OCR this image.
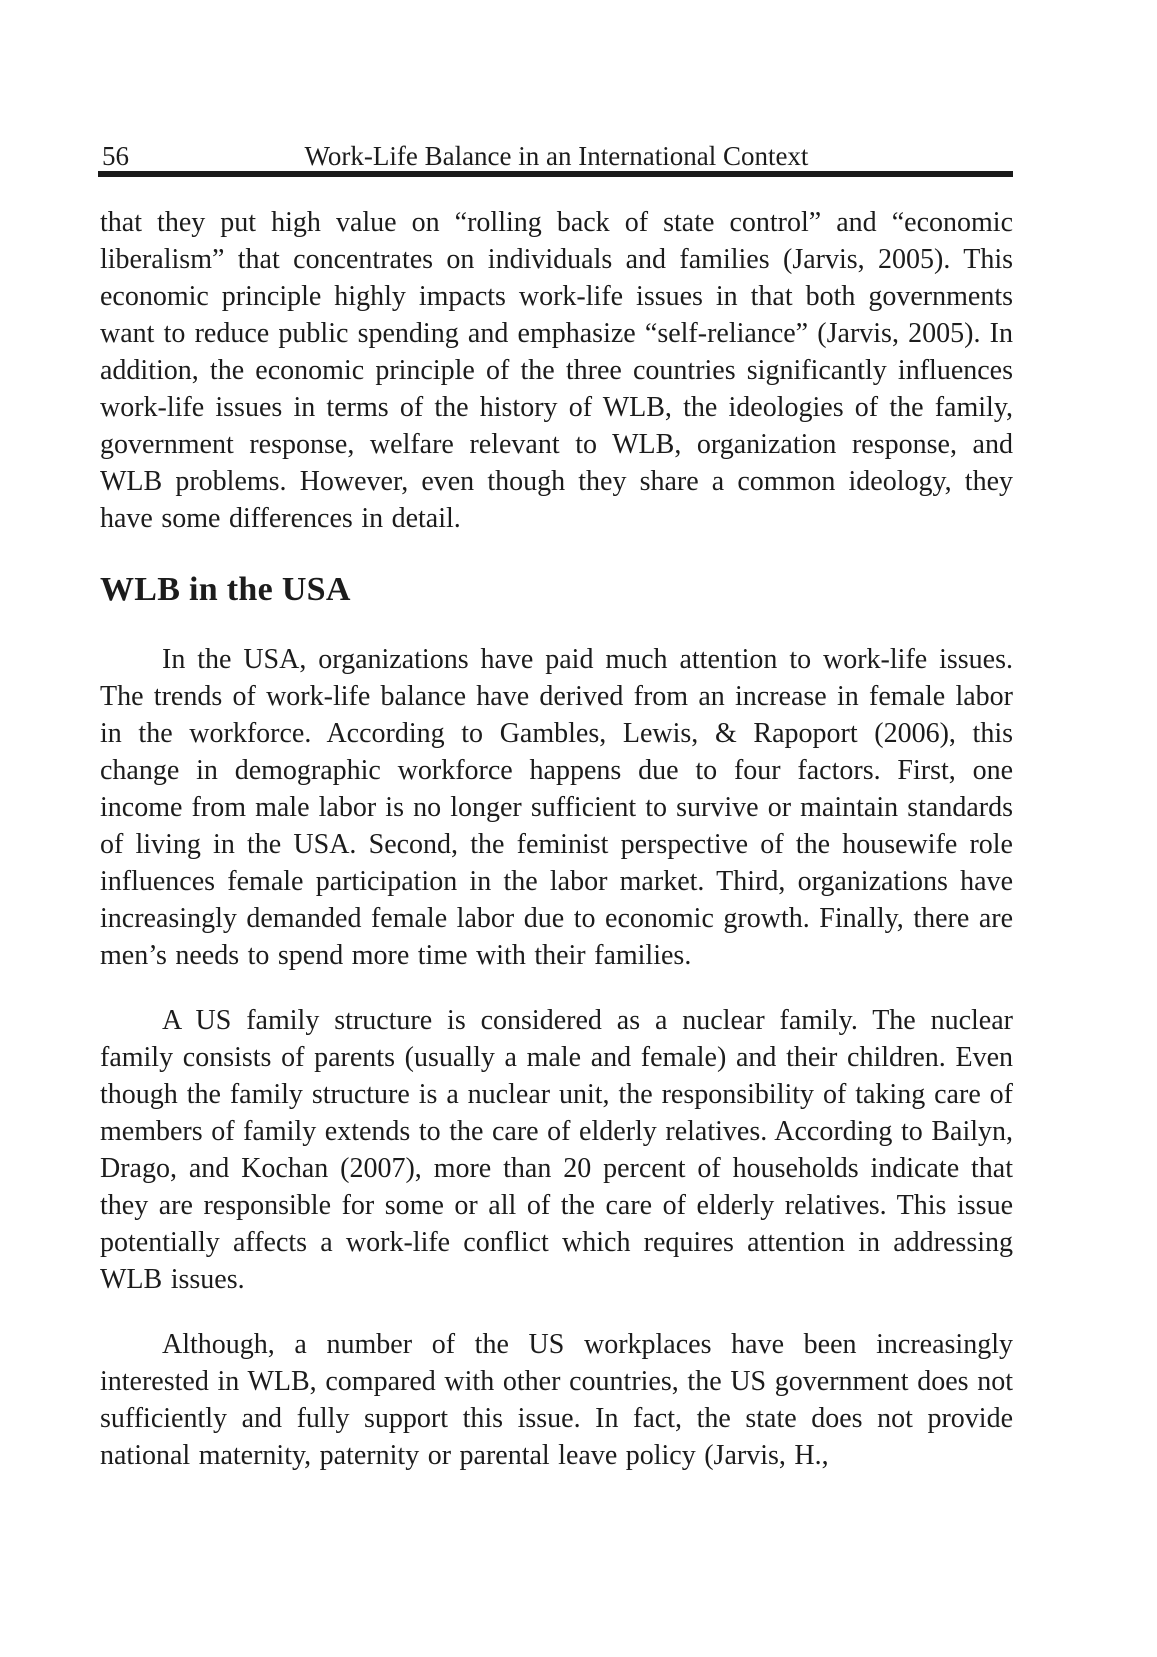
56	Work-Life Balance in an International Context

that they put high value on “rolling back of state control” and “economic liberalism” that concentrates on individuals and families (Jarvis, 2005). This economic principle highly impacts work-life issues in that both governments want to reduce public spending and emphasize “self-reliance” (Jarvis, 2005). In addition, the economic principle of the three countries significantly influences work-life issues in terms of the history of WLB, the ideologies of the family, government response, welfare relevant to WLB, organization response, and WLB problems. However, even though they share a common ideology, they have some differences in detail.

WLB in the USA

In the USA, organizations have paid much attention to work-life issues. The trends of work-life balance have derived from an increase in female labor in the workforce. According to Gambles, Lewis, & Rapoport (2006), this change in demographic workforce happens due to four factors. First, one income from male labor is no longer sufficient to survive or maintain standards of living in the USA. Second, the feminist perspective of the housewife role influences female participation in the labor market. Third, organizations have increasingly demanded female labor due to economic growth. Finally, there are men’s needs to spend more time with their families.

A US family structure is considered as a nuclear family. The nuclear family consists of parents (usually a male and female) and their children. Even though the family structure is a nuclear unit, the responsibility of taking care of members of family extends to the care of elderly relatives. According to Bailyn, Drago, and Kochan (2007), more than 20 percent of households indicate that they are responsible for some or all of the care of elderly relatives. This issue potentially affects a work-life conflict which requires attention in addressing WLB issues.

Although, a number of the US workplaces have been increasingly interested in WLB, compared with other countries, the US government does not sufficiently and fully support this issue. In fact, the state does not provide national maternity, paternity or parental leave policy (Jarvis, H.,
